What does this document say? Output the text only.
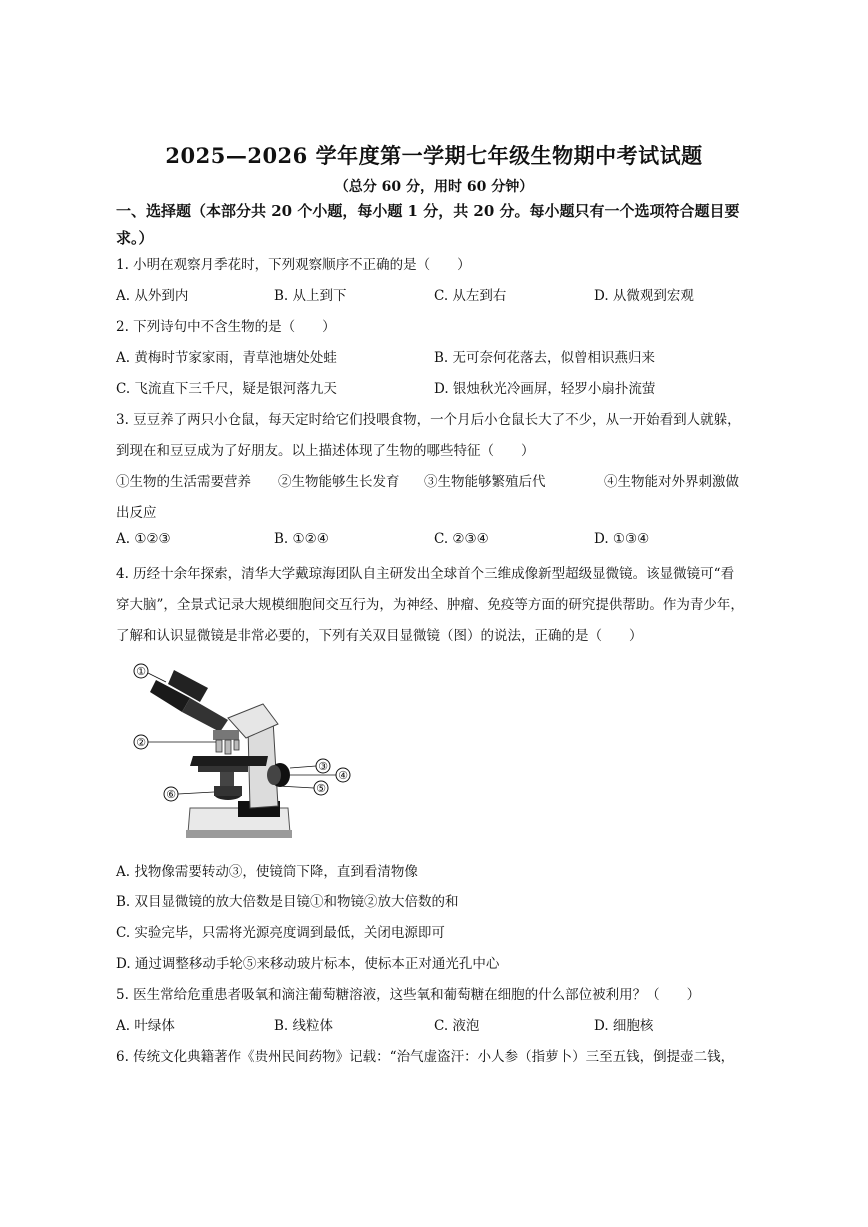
2025—2026 学年度第一学期七年级生物期中考试试题
（总分 60 分，用时 60 分钟）
一、选择题（本部分共 20 个小题，每小题 1 分，共 20 分。每小题只有一个选项符合题目要求。）
1. 小明在观察月季花时，下列观察顺序不正确的是（　　）
A. 从外到内	B. 从上到下	C. 从左到右	D. 从微观到宏观
2. 下列诗句中不含生物的是（　　）
A. 黄梅时节家家雨，青草池塘处处蛙	B. 无可奈何花落去，似曾相识燕归来
C. 飞流直下三千尺，疑是银河落九天	D. 银烛秋光冷画屏，轻罗小扇扑流萤
3. 豆豆养了两只小仓鼠，每天定时给它们投喂食物，一个月后小仓鼠长大了不少，从一开始看到人就躲，
到现在和豆豆成为了好朋友。以上描述体现了生物的哪些特征（　　）
①生物的生活需要营养 ②生物能够生长发育 ③生物能够繁殖后代	④生物能对外界刺激做
出反应
A. ①②③	B. ①②④	C. ②③④	D. ①③④
4. 历经十余年探索，清华大学戴琼海团队自主研发出全球首个三维成像新型超级显微镜。该显微镜可“看
穿大脑”，全景式记录大规模细胞间交互行为，为神经、肿瘤、免疫等方面的研究提供帮助。作为青少年，
了解和认识显微镜是非常必要的，下列有关双目显微镜（图）的说法，正确的是（　　）
①
②
③
④
⑤
⑥
A. 找物像需要转动③，使镜筒下降，直到看清物像
B. 双目显微镜的放大倍数是目镜①和物镜②放大倍数的和
C. 实验完毕，只需将光源亮度调到最低，关闭电源即可
D. 通过调整移动手轮⑤来移动玻片标本，使标本正对通光孔中心
5. 医生常给危重患者吸氧和滴注葡萄糖溶液，这些氧和葡萄糖在细胞的什么部位被利用？（　　）
A. 叶绿体	B. 线粒体	C. 液泡	D. 细胞核
6. 传统文化典籍著作《贵州民间药物》记载：“治气虚盗汗：小人参（指萝卜）三至五钱，倒提壶二钱，
